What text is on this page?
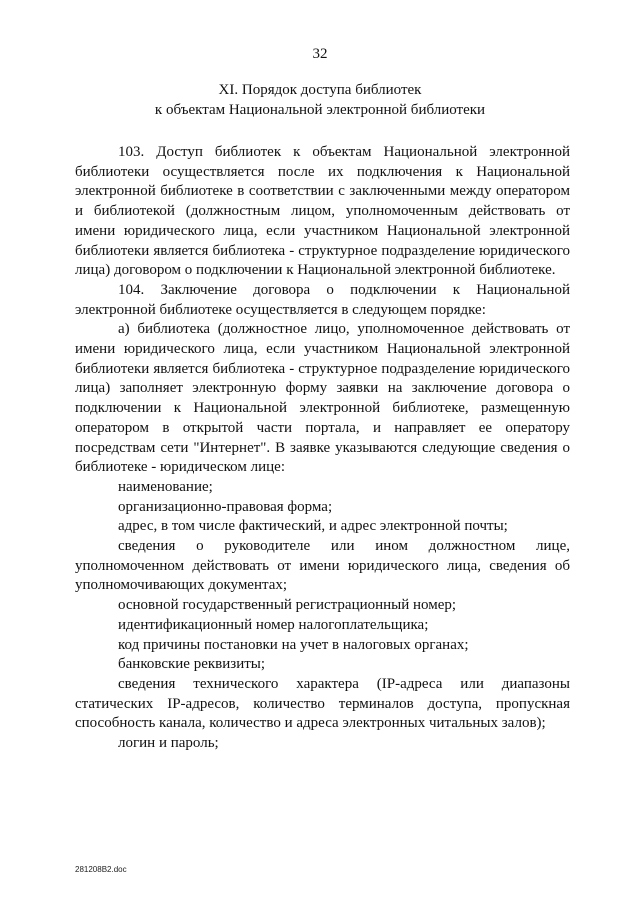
32
XI. Порядок доступа библиотек
к объектам Национальной электронной библиотеки

103. Доступ библиотек к объектам Национальной электронной библиотеки осуществляется после их подключения к Национальной электронной библиотеке в соответствии с заключенными между оператором и библиотекой (должностным лицом, уполномоченным действовать от имени юридического лица, если участником Национальной электронной библиотеки является библиотека - структурное подразделение юридического лица) договором о подключении к Национальной электронной библиотеке.

104. Заключение договора о подключении к Национальной электронной библиотеке осуществляется в следующем порядке:

а) библиотека (должностное лицо, уполномоченное действовать от имени юридического лица, если участником Национальной электронной библиотеки является библиотека - структурное подразделение юридического лица) заполняет электронную форму заявки на заключение договора о подключении к Национальной электронной библиотеке, размещенную оператором в открытой части портала, и направляет ее оператору посредствам сети "Интернет". В заявке указываются следующие сведения о библиотеке - юридическом лице:

наименование;

организационно-правовая форма;

адрес, в том числе фактический, и адрес электронной почты;

сведения о руководителе или ином должностном лице, уполномоченном действовать от имени юридического лица, сведения об уполномочивающих документах;

основной государственный регистрационный номер;

идентификационный номер налогоплательщика;

код причины постановки на учет в налоговых органах;

банковские реквизиты;

сведения технического характера (IP-адреса или диапазоны статических IP-адресов, количество терминалов доступа, пропускная способность канала, количество и адреса электронных читальных залов);

логин и пароль;

281208B2.doc
